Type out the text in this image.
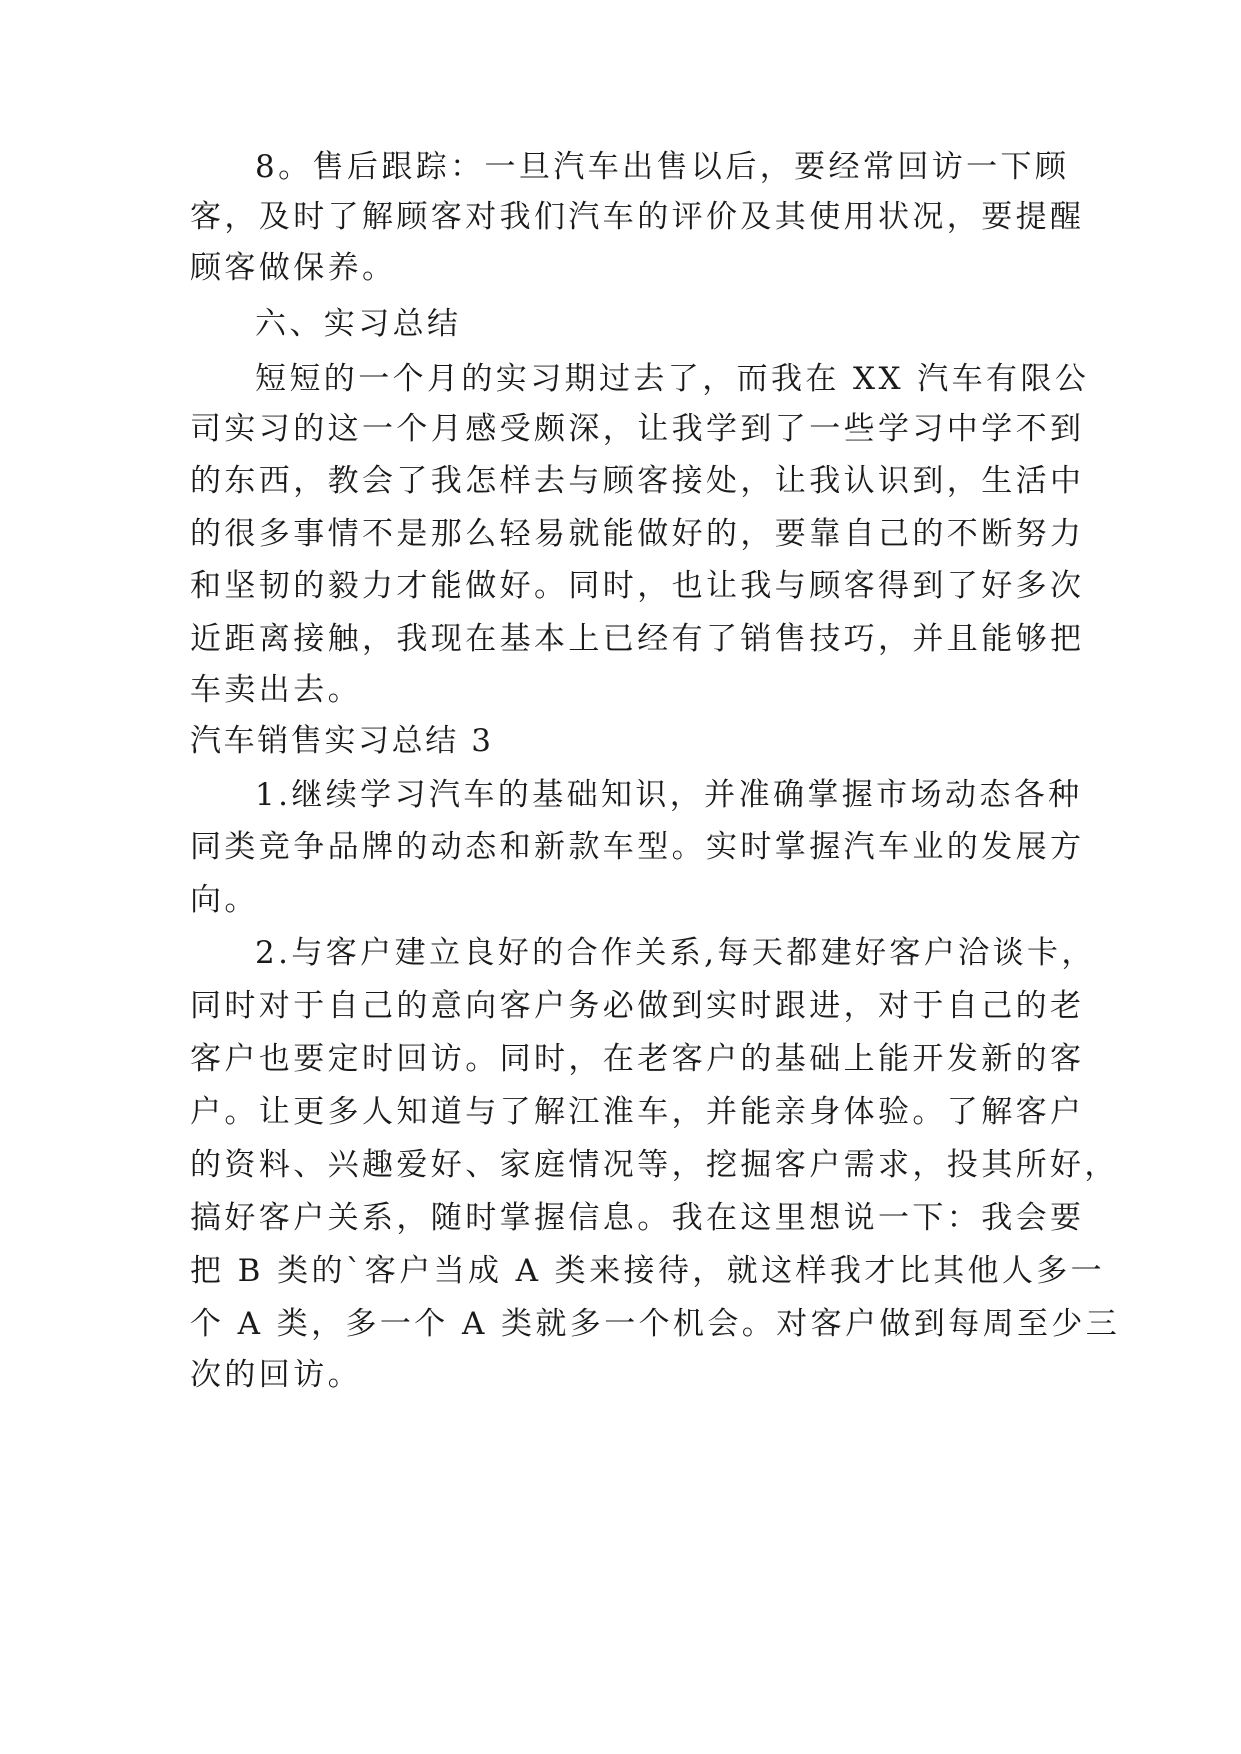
8。售后跟踪：一旦汽车出售以后，要经常回访一下顾

客，及时了解顾客对我们汽车的评价及其使用状况，要提醒

顾客做保养。

六、实习总结

短短的一个月的实习期过去了，而我在 XX 汽车有限公

司实习的这一个月感受颇深，让我学到了一些学习中学不到

的东西，教会了我怎样去与顾客接处，让我认识到，生活中

的很多事情不是那么轻易就能做好的，要靠自己的不断努力

和坚韧的毅力才能做好。同时，也让我与顾客得到了好多次

近距离接触，我现在基本上已经有了销售技巧，并且能够把

车卖出去。

汽车销售实习总结 3

1.继续学习汽车的基础知识，并准确掌握市场动态各种

同类竞争品牌的动态和新款车型。实时掌握汽车业的发展方

向。

2.与客户建立良好的合作关系,每天都建好客户洽谈卡，

同时对于自己的意向客户务必做到实时跟进，对于自己的老

客户也要定时回访。同时，在老客户的基础上能开发新的客

户。让更多人知道与了解江淮车，并能亲身体验。了解客户

的资料、兴趣爱好、家庭情况等，挖掘客户需求，投其所好，

搞好客户关系，随时掌握信息。我在这里想说一下：我会要

把 B 类的`客户当成 A 类来接待，就这样我才比其他人多一

个 A 类，多一个 A 类就多一个机会。对客户做到每周至少三

次的回访。
